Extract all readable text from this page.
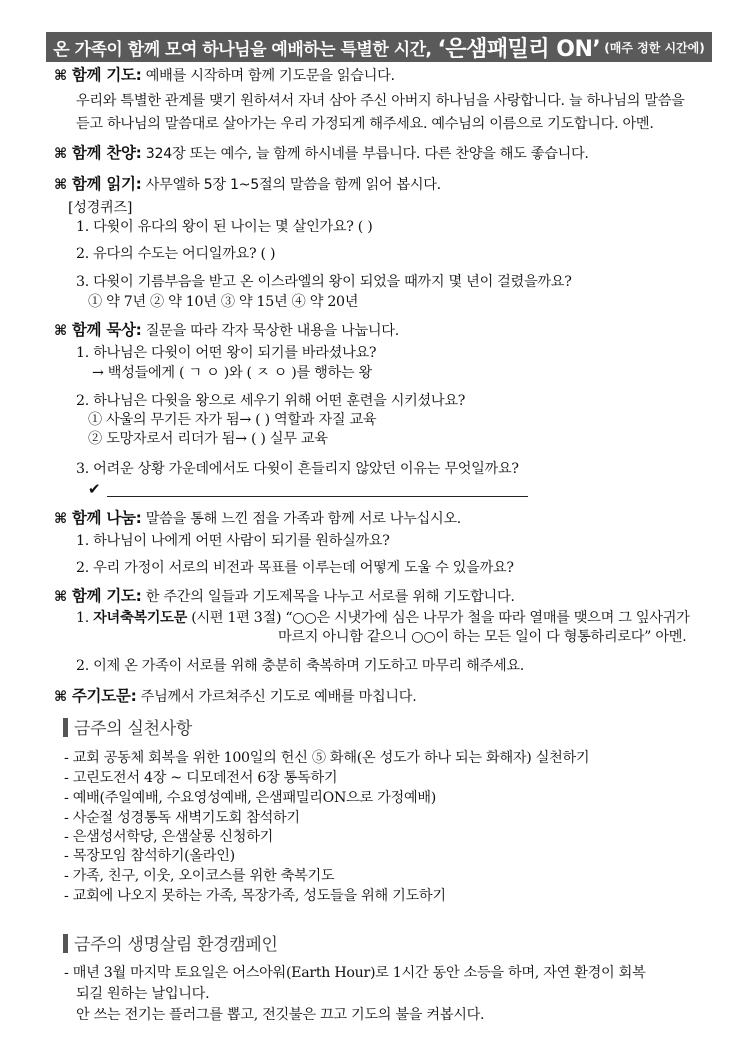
온 가족이 함께 모여 하나님을 예배하는 특별한 시간, ‘은샘패밀리 ON’ (매주 정한 시간에)
⌘ 함께 기도: 예배를 시작하며 함께 기도문을 읽습니다.
우리와 특별한 관계를 맺기 원하셔서 자녀 삼아 주신 아버지 하나님을 사랑합니다. 늘 하나님의 말씀을
듣고 하나님의 말씀대로 살아가는 우리 가정되게 해주세요. 예수님의 이름으로 기도합니다. 아멘.
⌘ 함께 찬양: 324장 또는 예수, 늘 함께 하시네를 부릅니다. 다른 찬양을 해도 좋습니다.
⌘ 함께 읽기: 사무엘하 5장 1~5절의 말씀을 함께 읽어 봅시다.
[성경퀴즈]
1. 다윗이 유다의 왕이 된 나이는 몇 살인가요? ( )
2. 유다의 수도는 어디일까요? ( )
3. 다윗이 기름부음을 받고 온 이스라엘의 왕이 되었을 때까지 몇 년이 걸렸을까요?
① 약 7년 ② 약 10년 ③ 약 15년 ④ 약 20년
⌘ 함께 묵상: 질문을 따라 각자 묵상한 내용을 나눕니다.
1. 하나님은 다윗이 어떤 왕이 되기를 바라셨나요?
→ 백성들에게 ( ㄱ ㅇ )와 ( ㅈ ㅇ )를 행하는 왕
2. 하나님은 다윗을 왕으로 세우기 위해 어떤 훈련을 시키셨나요?
① 사울의 무기든 자가 됨→ ( ) 역할과 자질 교육
② 도망자로서 리더가 됨→ ( ) 실무 교육
3. 어려운 상황 가운데에서도 다윗이 흔들리지 않았던 이유는 무엇일까요?
✔
⌘ 함께 나눔: 말씀을 통해 느낀 점을 가족과 함께 서로 나누십시오.
1. 하나님이 나에게 어떤 사람이 되기를 원하실까요?
2. 우리 가정이 서로의 비전과 목표를 이루는데 어떻게 도울 수 있을까요?
⌘ 함께 기도: 한 주간의 일들과 기도제목을 나누고 서로를 위해 기도합니다.
1. 자녀축복기도문 (시편 1편 3절) “○○은 시냇가에 심은 나무가 철을 따라 열매를 맺으며 그 잎사귀가
마르지 아니함 같으니 ○○이 하는 모든 일이 다 형통하리로다” 아멘.
2. 이제 온 가족이 서로를 위해 충분히 축복하며 기도하고 마무리 해주세요.
⌘ 주기도문: 주님께서 가르쳐주신 기도로 예배를 마칩니다.
금주의 실천사항
- 교회 공동체 회복을 위한 100일의 헌신 ⑤ 화해(온 성도가 하나 되는 화해자) 실천하기
- 고린도전서 4장 ~ 디모데전서 6장 통독하기
- 예배(주일예배, 수요영성예배, 은샘패밀리ON으로 가정예배)
- 사순절 성경통독 새벽기도회 참석하기
- 은샘성서학당, 은샘살롱 신청하기
- 목장모임 참석하기(올라인)
- 가족, 친구, 이웃, 오이코스를 위한 축복기도
- 교회에 나오지 못하는 가족, 목장가족, 성도들을 위해 기도하기
금주의 생명살림 환경캠페인
- 매년 3월 마지막 토요일은 어스아워(Earth Hour)로 1시간 동안 소등을 하며, 자연 환경이 회복
되길 원하는 날입니다.
안 쓰는 전기는 플러그를 뽑고, 전깃불은 끄고 기도의 불을 켜봅시다.
